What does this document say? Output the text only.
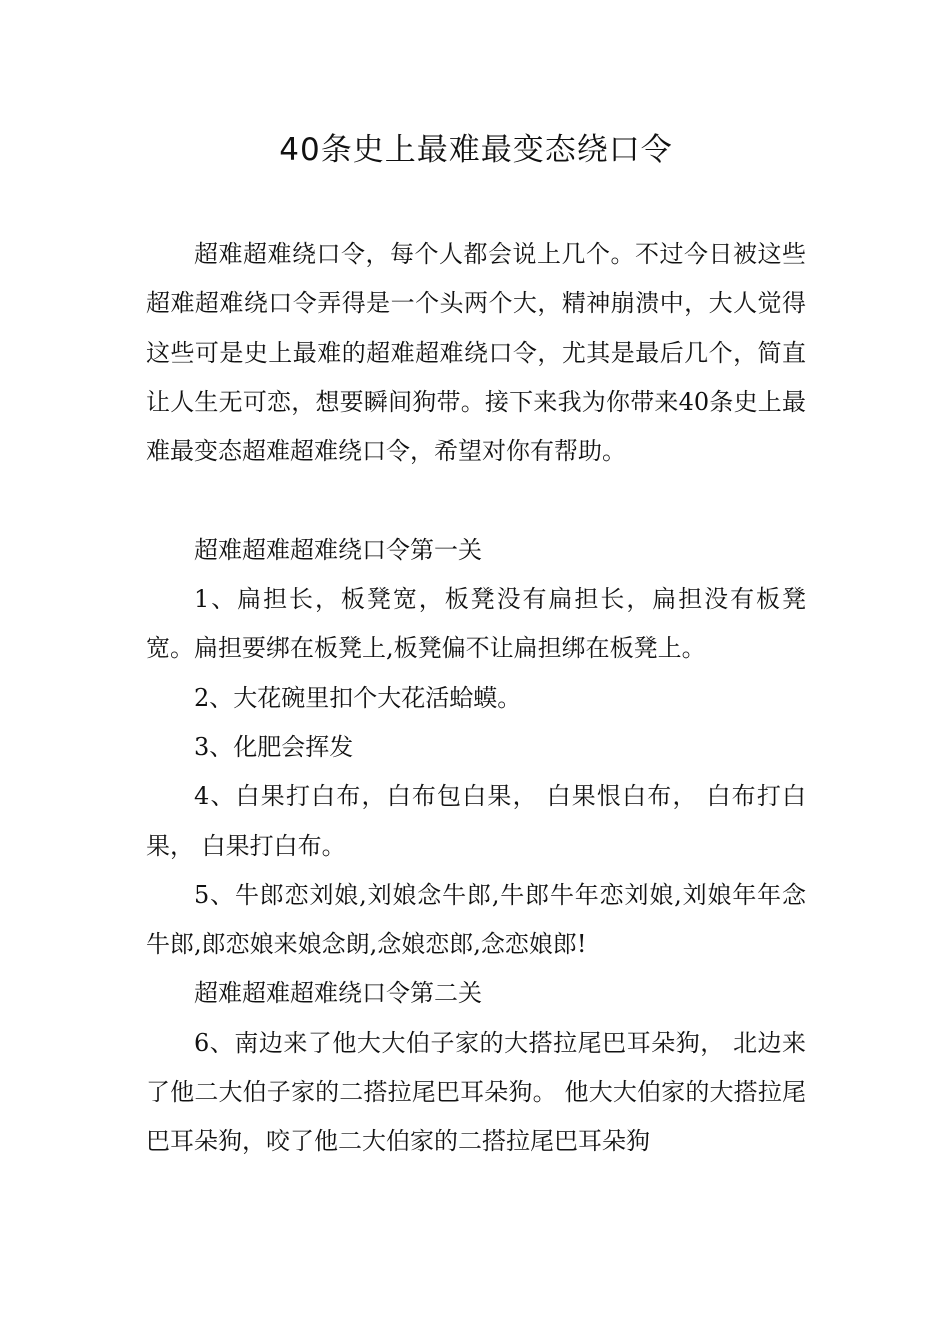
40条史上最难最变态绕口令

超难超难绕口令，每个人都会说上几个。不过今日被这些超难超难绕口令弄得是一个头两个大，精神崩溃中，大人觉得这些可是史上最难的超难超难绕口令，尤其是最后几个，简直让人生无可恋，想要瞬间狗带。接下来我为你带来40条史上最难最变态超难超难绕口令，希望对你有帮助。

超难超难超难绕口令第一关

1、扁担长，板凳宽，板凳没有扁担长，扁担没有板凳宽。扁担要绑在板凳上,板凳偏不让扁担绑在板凳上。

2、大花碗里扣个大花活蛤蟆。

3、化肥会挥发

4、白果打白布，白布包白果， 白果恨白布， 白布打白果， 白果打白布。

5、牛郎恋刘娘,刘娘念牛郎,牛郎牛年恋刘娘,刘娘年年念牛郎,郎恋娘来娘念朗,念娘恋郎,念恋娘郎!

超难超难超难绕口令第二关

6、南边来了他大大伯子家的大搭拉尾巴耳朵狗， 北边来了他二大伯子家的二搭拉尾巴耳朵狗。 他大大伯家的大搭拉尾巴耳朵狗，咬了他二大伯家的二搭拉尾巴耳朵狗
